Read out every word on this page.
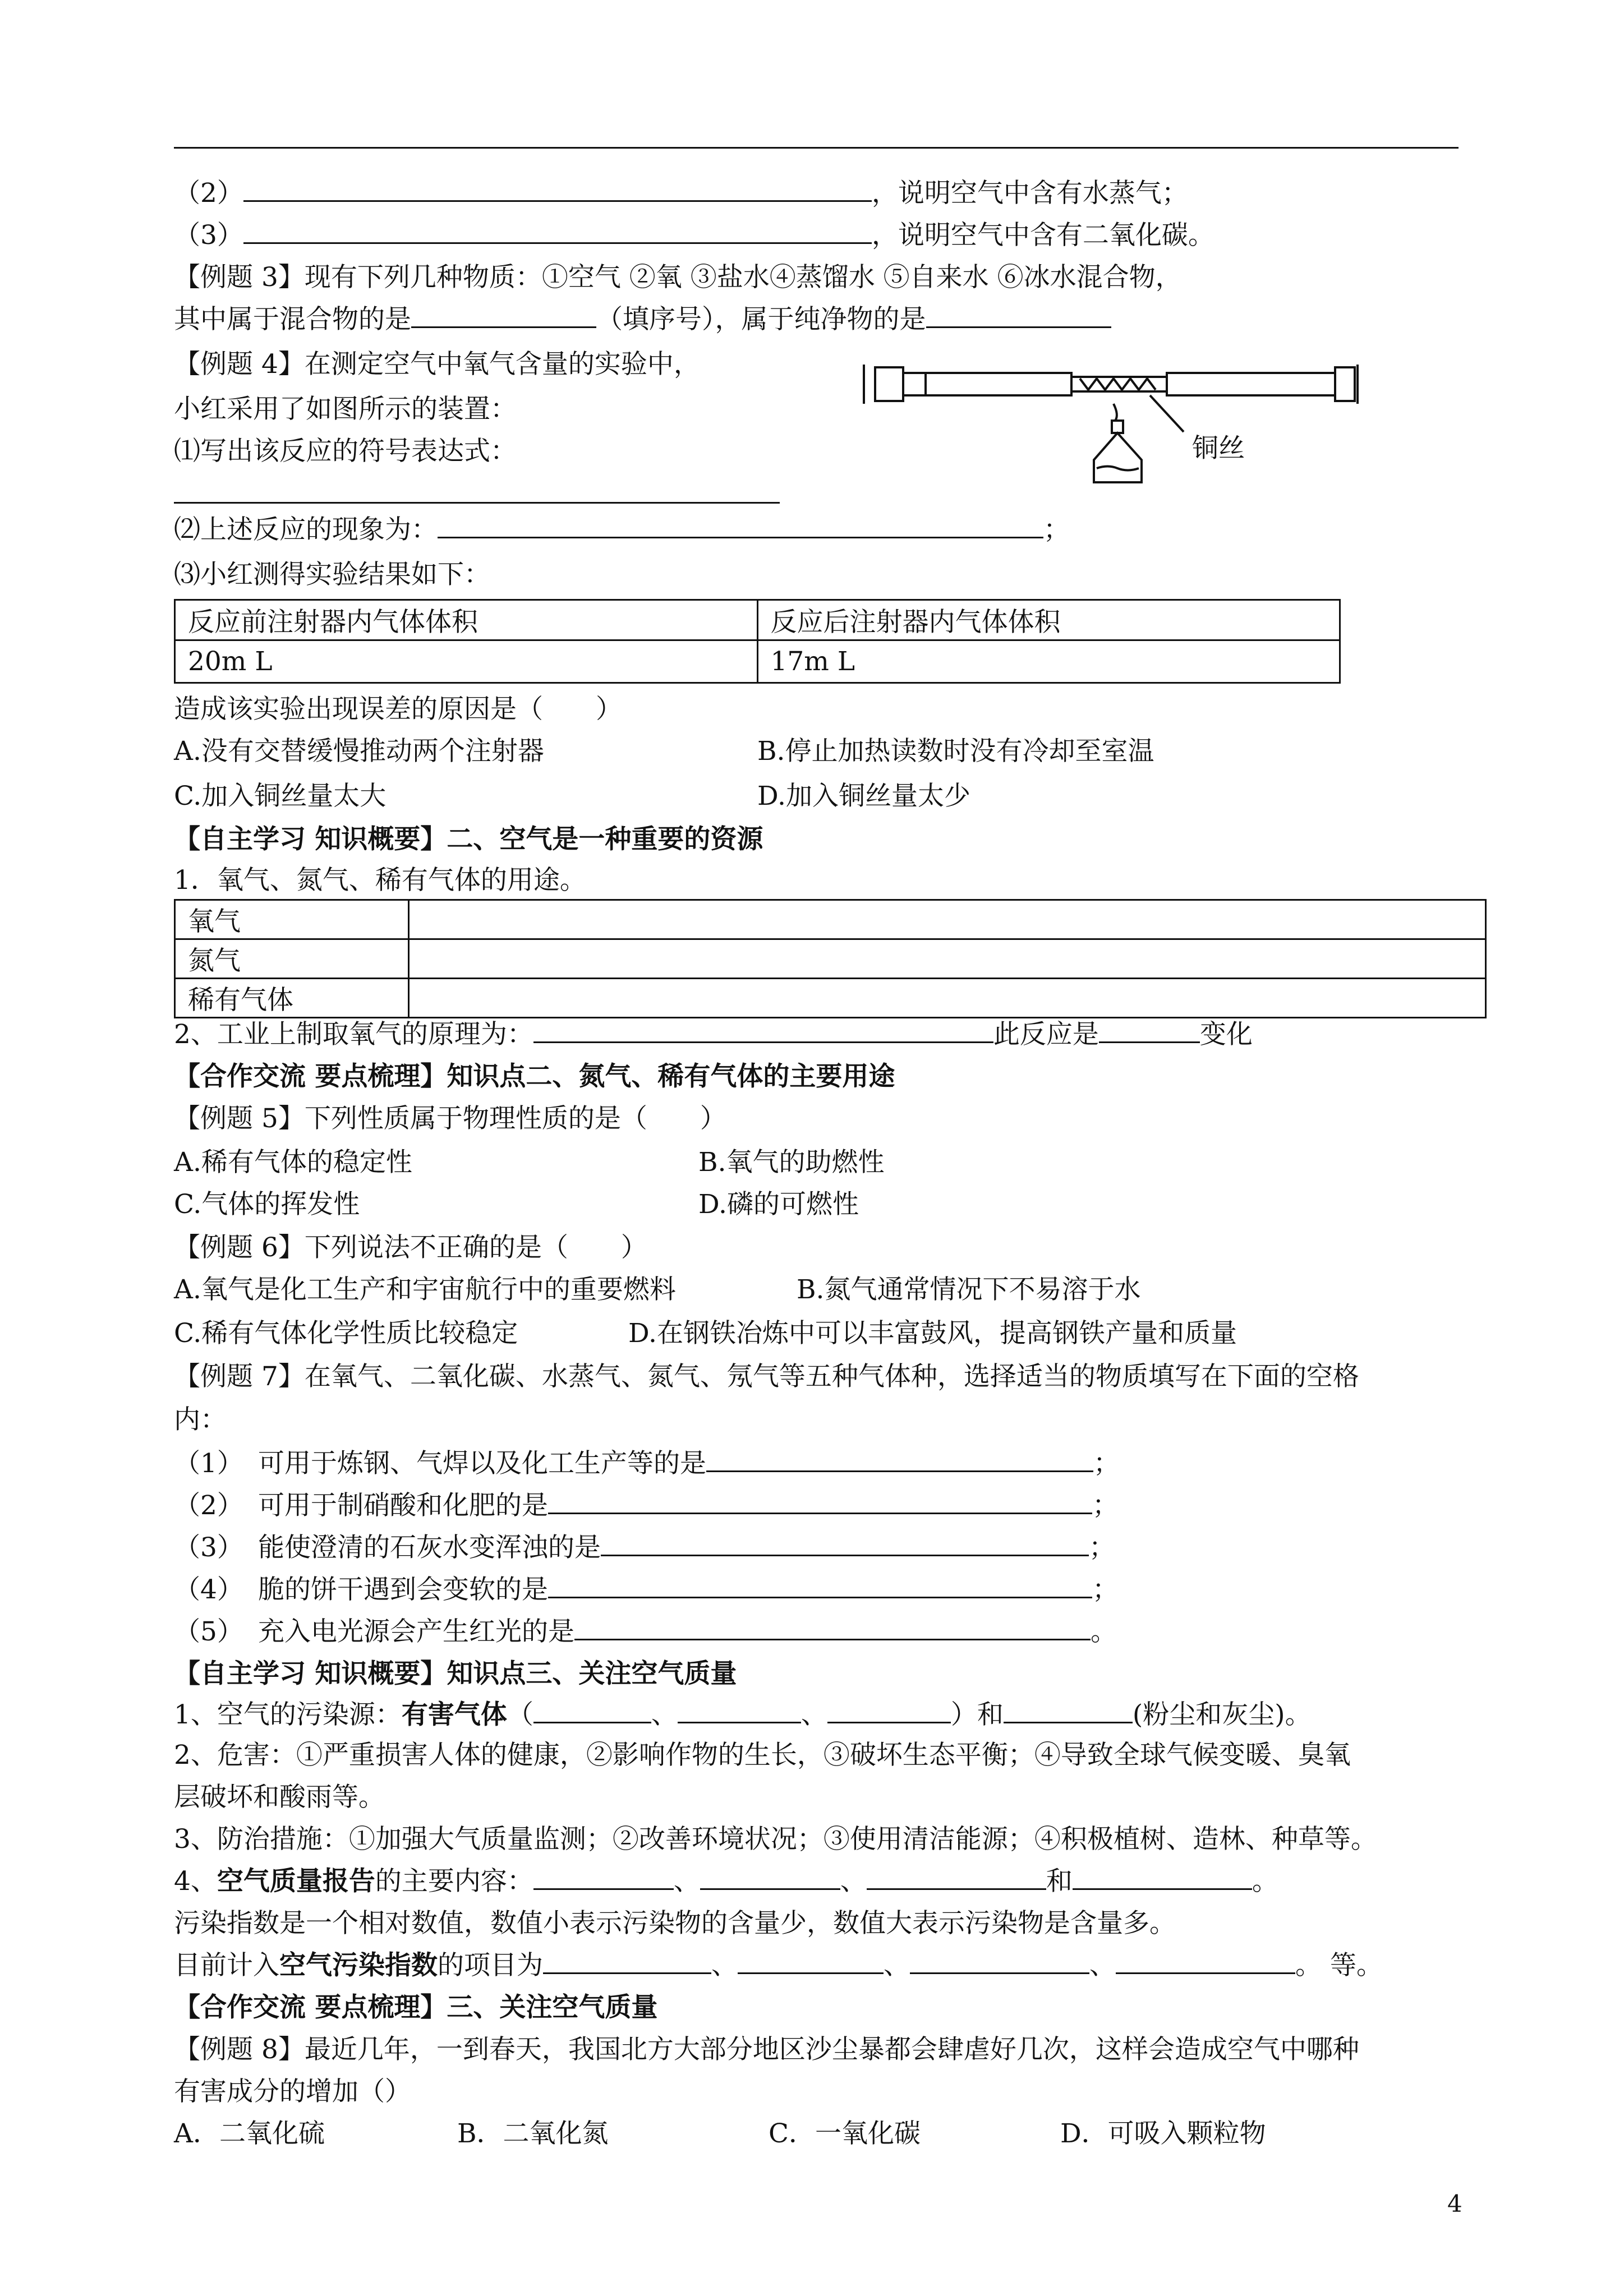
（2）	，说明空气中含有水蒸气；
（3）	，说明空气中含有二氧化碳。
【例题 3】现有下列几种物质：①空气 ②氧 ③盐水④蒸馏水 ⑤自来水 ⑥冰水混合物，
其中属于混合物的是	（填序号），属于纯净物的是
【例题 4】在测定空气中氧气含量的实验中，
小红采用了如图所示的装置：
⑴写出该反应的符号表达式：	铜丝
⑵上述反应的现象为：	；
⑶小红测得实验结果如下：
反应前注射器内气体体积	反应后注射器内气体体积
20m L	17m L
造成该实验出现误差的原因是（　　）
A.没有交替缓慢推动两个注射器	B.停止加热读数时没有冷却至室温
C.加入铜丝量太大	D.加入铜丝量太少
【自主学习 知识概要】二、空气是一种重要的资源
1．氧气、氮气、稀有气体的用途。
氧气	
氮气	
稀有气体	
2、工业上制取氧气的原理为：	此反应是	变化
【合作交流 要点梳理】知识点二、氮气、稀有气体的主要用途
【例题 5】下列性质属于物理性质的是（　　）
A.稀有气体的稳定性	B.氧气的助燃性
C.气体的挥发性	D.磷的可燃性
【例题 6】下列说法不正确的是（　　）
A.氧气是化工生产和宇宙航行中的重要燃料	B.氮气通常情况下不易溶于水
C.稀有气体化学性质比较稳定	D.在钢铁冶炼中可以丰富鼓风，提高钢铁产量和质量
【例题 7】在氧气、二氧化碳、水蒸气、氮气、氖气等五种气体种，选择适当的物质填写在下面的空格
内：
（1） 可用于炼钢、气焊以及化工生产等的是	；
（2） 可用于制硝酸和化肥的是	；
（3） 能使澄清的石灰水变浑浊的是	；
（4） 脆的饼干遇到会变软的是	；
（5） 充入电光源会产生红光的是	。
【自主学习 知识概要】知识点三、关注空气质量
1、空气的污染源：有害气体（	、	、	）和	(粉尘和灰尘)。
2、危害：①严重损害人体的健康，②影响作物的生长，③破坏生态平衡；④导致全球气候变暖、臭氧
层破坏和酸雨等。
3、防治措施：①加强大气质量监测；②改善环境状况；③使用清洁能源；④积极植树、造林、种草等。
4、空气质量报告的主要内容：	、	、	和	。
污染指数是一个相对数值，数值小表示污染物的含量少，数值大表示污染物是含量多。
目前计入空气污染指数的项目为	、	、	、	。 等。
【合作交流 要点梳理】三、关注空气质量
【例题 8】最近几年，一到春天，我国北方大部分地区沙尘暴都会肆虐好几次，这样会造成空气中哪种
有害成分的增加（）
A．二氧化硫	B．二氧化氮	C．一氧化碳	D．可吸入颗粒物
4
